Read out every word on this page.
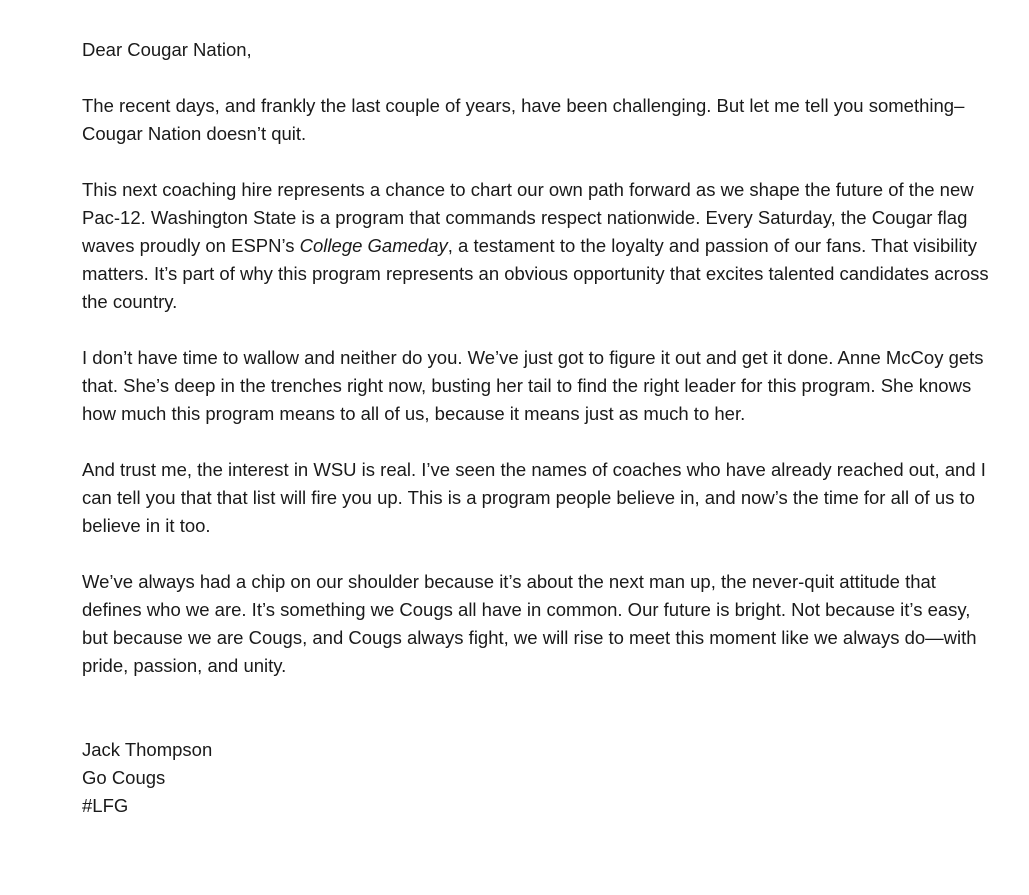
Dear Cougar Nation,

The recent days, and frankly the last couple of years, have been challenging. But let me tell you something–Cougar Nation doesn’t quit.

This next coaching hire represents a chance to chart our own path forward as we shape the future of the new Pac-12. Washington State is a program that commands respect nationwide. Every Saturday, the Cougar flag waves proudly on ESPN’s College Gameday, a testament to the loyalty and passion of our fans. That visibility matters. It’s part of why this program represents an obvious opportunity that excites talented candidates across the country.

I don’t have time to wallow and neither do you. We’ve just got to figure it out and get it done. Anne McCoy gets that. She’s deep in the trenches right now, busting her tail to find the right leader for this program. She knows how much this program means to all of us, because it means just as much to her.

And trust me, the interest in WSU is real. I’ve seen the names of coaches who have already reached out, and I can tell you that that list will fire you up. This is a program people believe in, and now’s the time for all of us to believe in it too.

We’ve always had a chip on our shoulder because it’s about the next man up, the never-quit attitude that defines who we are. It’s something we Cougs all have in common. Our future is bright. Not because it’s easy, but because we are Cougs, and Cougs always fight, we will rise to meet this moment like we always do—with pride, passion, and unity.

Jack Thompson
Go Cougs
#LFG
